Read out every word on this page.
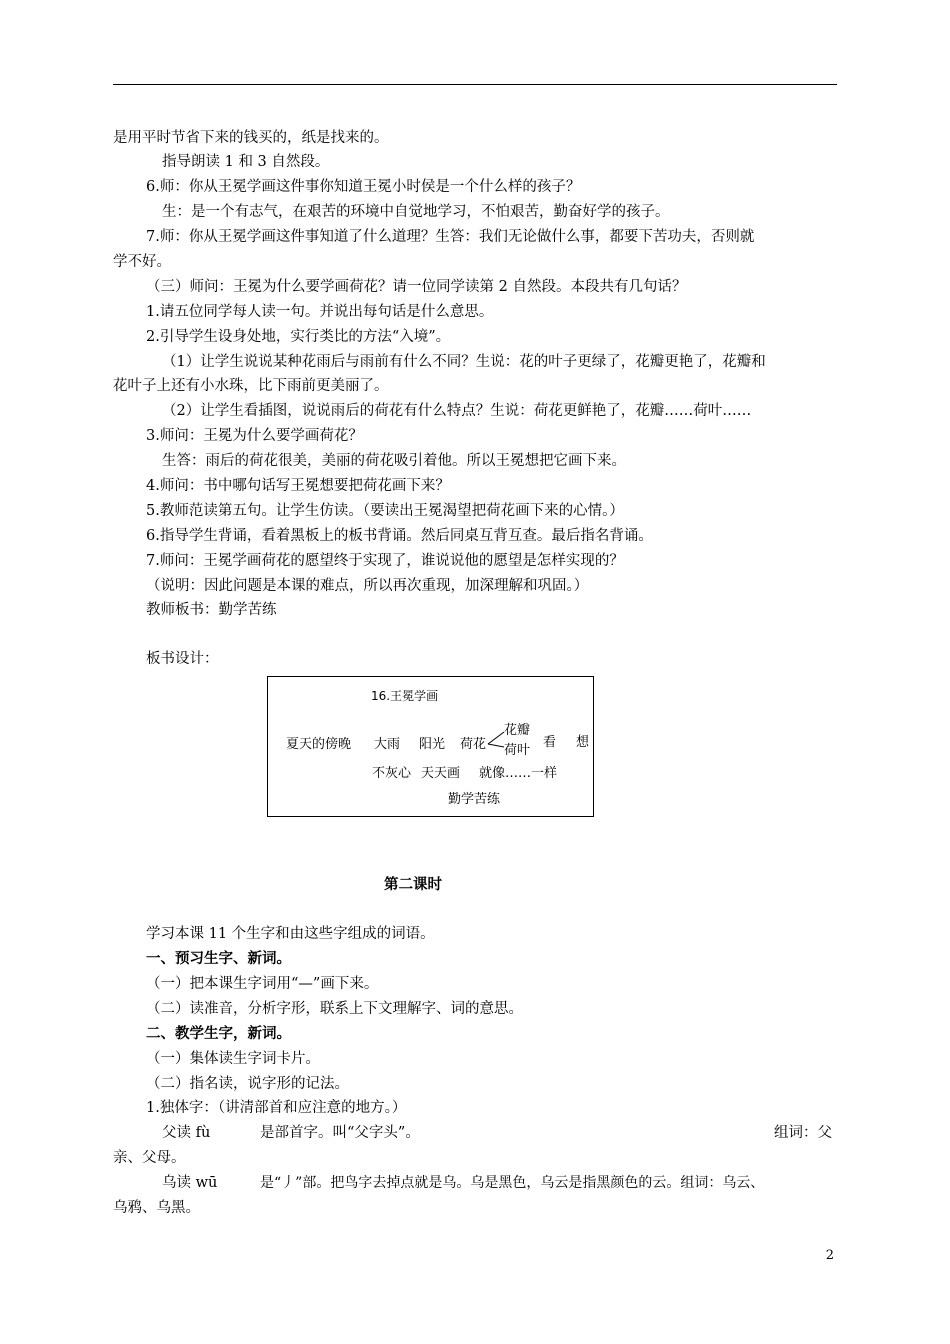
是用平时节省下来的钱买的，纸是找来的。
指导朗读 1 和 3 自然段。
6.师：你从王冕学画这件事你知道王冕小时侯是一个什么样的孩子？
生：是一个有志气，在艰苦的环境中自觉地学习，不怕艰苦，勤奋好学的孩子。
7.师：你从王冕学画这件事知道了什么道理？生答：我们无论做什么事，都要下苦功夫，否则就
学不好。
（三）师问：王冕为什么要学画荷花？请一位同学读第 2 自然段。本段共有几句话？
1.请五位同学每人读一句。并说出每句话是什么意思。
2.引导学生设身处地，实行类比的方法“入境”。
（1）让学生说说某种花雨后与雨前有什么不同？生说：花的叶子更绿了，花瓣更艳了，花瓣和
花叶子上还有小水珠，比下雨前更美丽了。
（2）让学生看插图，说说雨后的荷花有什么特点？生说：荷花更鲜艳了，花瓣……荷叶……
3.师问：王冕为什么要学画荷花？
生答：雨后的荷花很美，美丽的荷花吸引着他。所以王冕想把它画下来。
4.师问：书中哪句话写王冕想要把荷花画下来？
5.教师范读第五句。让学生仿读。（要读出王冕渴望把荷花画下来的心情。）
6.指导学生背诵，看着黑板上的板书背诵。然后同桌互背互查。最后指名背诵。
7.师问：王冕学画荷花的愿望终于实现了，谁说说他的愿望是怎样实现的？
（说明：因此问题是本课的难点，所以再次重现，加深理解和巩固。）
教师板书：勤学苦练
板书设计：
16.王冕学画
夏天的傍晚 大雨 阳光 荷花
花瓣
荷叶
看 想
不灰心 天天画 就像……一样
勤学苦练
第二课时
学习本课 11 个生字和由这些字组成的词语。
一、预习生字、新词。
（一）把本课生字词用“—”画下来。
（二）读准音，分析字形，联系上下文理解字、词的意思。
二、教学生字，新词。
（一）集体读生字词卡片。
（二）指名读，说字形的记法。
1.独体字：（讲清部首和应注意的地方。）
父读 fù	是部首字。叫“父字头”。	组词：父
亲、父母。
乌读 wū	是“丿”部。把鸟字去掉点就是乌。乌是黑色，乌云是指黑颜色的云。组词：乌云、
乌鸦、乌黑。
2
